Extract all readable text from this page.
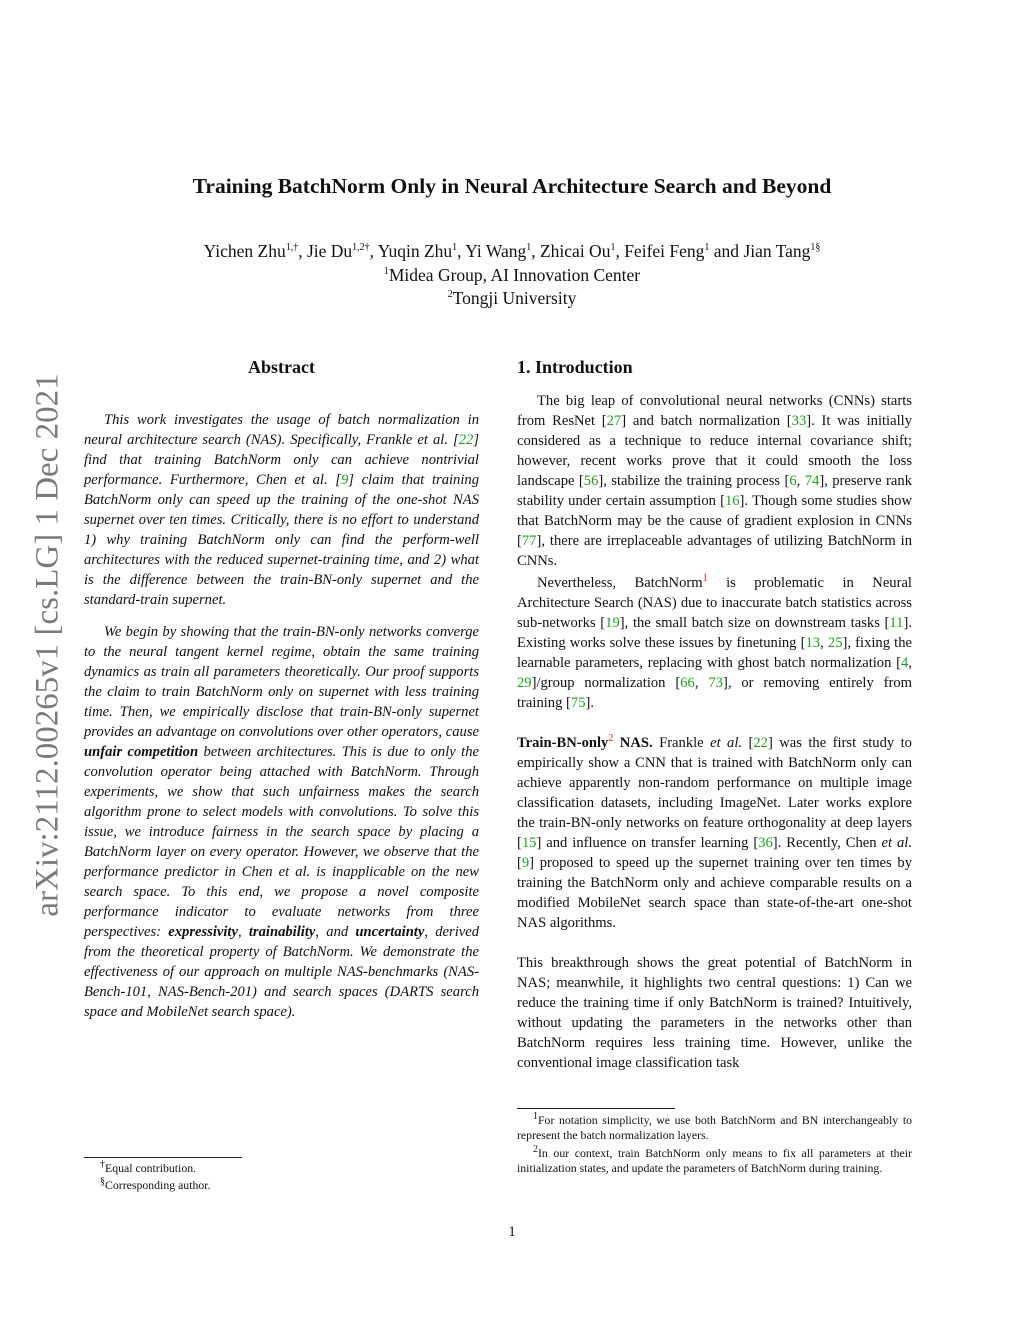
arXiv:2112.00265v1 [cs.LG] 1 Dec 2021
Training BatchNorm Only in Neural Architecture Search and Beyond
Yichen Zhu$^{1,\dagger}$, Jie $Du^{1,2\dagger}$, Yuqin Zhu$^1$, Yi Wang$^1$, Zhicai Ou$^1$, Feifei Feng$^1$ and Jian Tang$^{1\S}$
$^1$Midea Group, AI Innovation Center
$^2$Tongji University
Abstract

This work investigates the usage of batch normalization in neural architecture search (NAS). Specifically, Frankle et al. [22] find that training BatchNorm only can achieve nontrivial performance. Furthermore, Chen et al. [9] claim that training BatchNorm only can speed up the training of the one-shot NAS supernet over ten times. Critically, there is no effort to understand 1) why training BatchNorm only can find the perform-well architectures with the reduced supernet-training time, and 2) what is the difference between the train-BN-only supernet and the standard-train supernet.

We begin by showing that the train-BN-only networks converge to the neural tangent kernel regime, obtain the same training dynamics as train all parameters theoretically. Our proof supports the claim to train BatchNorm only on supernet with less training time. Then, we empirically disclose that train-BN-only supernet provides an advantage on convolutions over other operators, cause unfair competition between architectures. This is due to only the convolution operator being attached with BatchNorm. Through experiments, we show that such unfairness makes the search algorithm prone to select models with convolutions. To solve this issue, we introduce fairness in the search space by placing a BatchNorm layer on every operator. However, we observe that the performance predictor in Chen et al. is inapplicable on the new search space. To this end, we propose a novel composite performance indicator to evaluate networks from three perspectives: expressivity, trainability, and uncertainty, derived from the theoretical property of BatchNorm. We demonstrate the effectiveness of our approach on multiple NAS-benchmarks (NAS-Bench-101, NAS-Bench-201) and search spaces (DARTS search space and MobileNet search space).

†Equal contribution.

§Corresponding author.

1. Introduction

The big leap of convolutional neural networks (CNNs) starts from ResNet [27] and batch normalization [33]. It was initially considered as a technique to reduce internal covariance shift; however, recent works prove that it could smooth the loss landscape [56], stabilize the training process [6, 74], preserve rank stability under certain assumption [16]. Though some studies show that BatchNorm may be the cause of gradient explosion in CNNs [77], there are irreplaceable advantages of utilizing BatchNorm in CNNs.

Nevertheless, BatchNorm$^1$ is problematic in Neural Architecture Search (NAS) due to inaccurate batch statistics across sub-networks [19], the small batch size on downstream tasks [11]. Existing works solve these issues by finetuning [13, 25], fixing the learnable parameters, replacing with ghost batch normalization [4, 29]/group normalization [66, 73], or removing entirely from training [75].

Train-BN-only$^2$ NAS. Frankle et al. [22] was the first study to empirically show a CNN that is trained with BatchNorm only can achieve apparently non-random performance on multiple image classification datasets, including ImageNet. Later works explore the train-BN-only networks on feature orthogonality at deep layers [15] and influence on transfer learning [36]. Recently, Chen et al. [9] proposed to speed up the supernet training over ten times by training the BatchNorm only and achieve comparable results on a modified MobileNet search space than state-of-the-art one-shot NAS algorithms.

This breakthrough shows the great potential of BatchNorm in NAS; meanwhile, it highlights two central questions: 1) Can we reduce the training time if only BatchNorm is trained? Intuitively, without updating the parameters in the networks other than BatchNorm requires less training time. However, unlike the conventional image classification task

$^1$For notation simplicity, we use both BatchNorm and BN interchangeably to represent the batch normalization layers.

$^2$In our context, train BatchNorm only means to fix all parameters at their initialization states, and update the parameters of BatchNorm during training.

1
